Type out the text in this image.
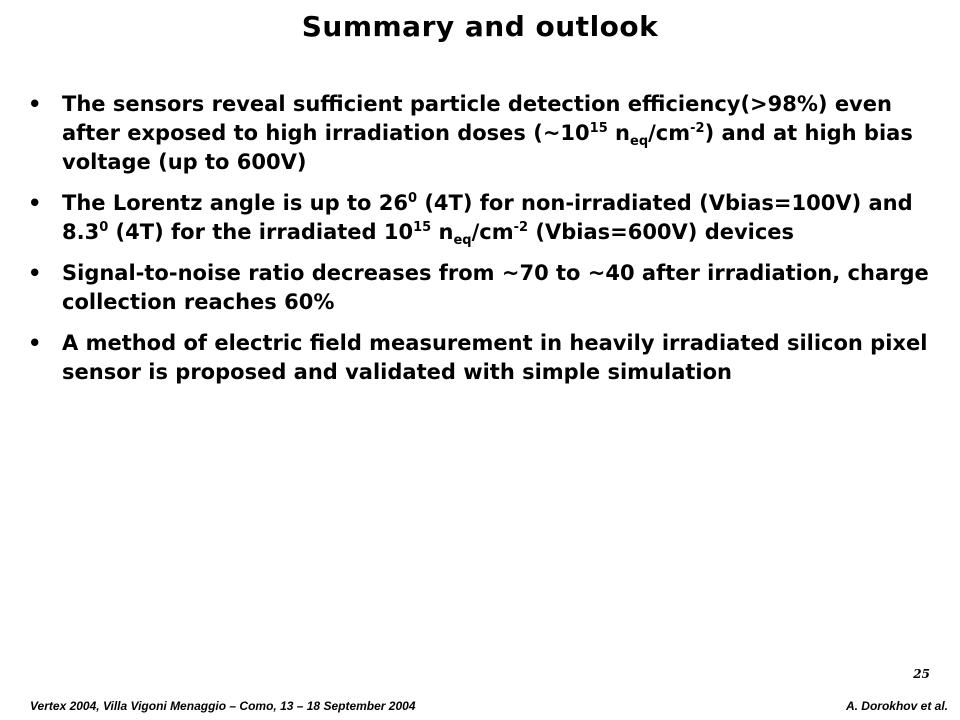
Summary and outlook
• The sensors reveal sufficient particle detection efficiency(>98%) even after exposed to high irradiation doses ($\sim 10^{15}$ $n_{eq}/cm^{-2}$) and at high bias voltage (up to 600V)
• The Lorentz angle is up to $26^0$ (4T) for non-irradiated (Vbias=100V) and $8.3^0$ (4T) for the irradiated $10^{15}$ $n_{eq}/cm^{-2}$ (Vbias=600V) devices
• Signal-to-noise ratio decreases from ~70 to ~40 after irradiation, charge collection reaches 60%
• A method of electric field measurement in heavily irradiated silicon pixel sensor is proposed and validated with simple simulation
25
Vertex 2004, Villa Vigoni Menaggio – Como, 13 – 18 September 2004	A. Dorokhov et al.
